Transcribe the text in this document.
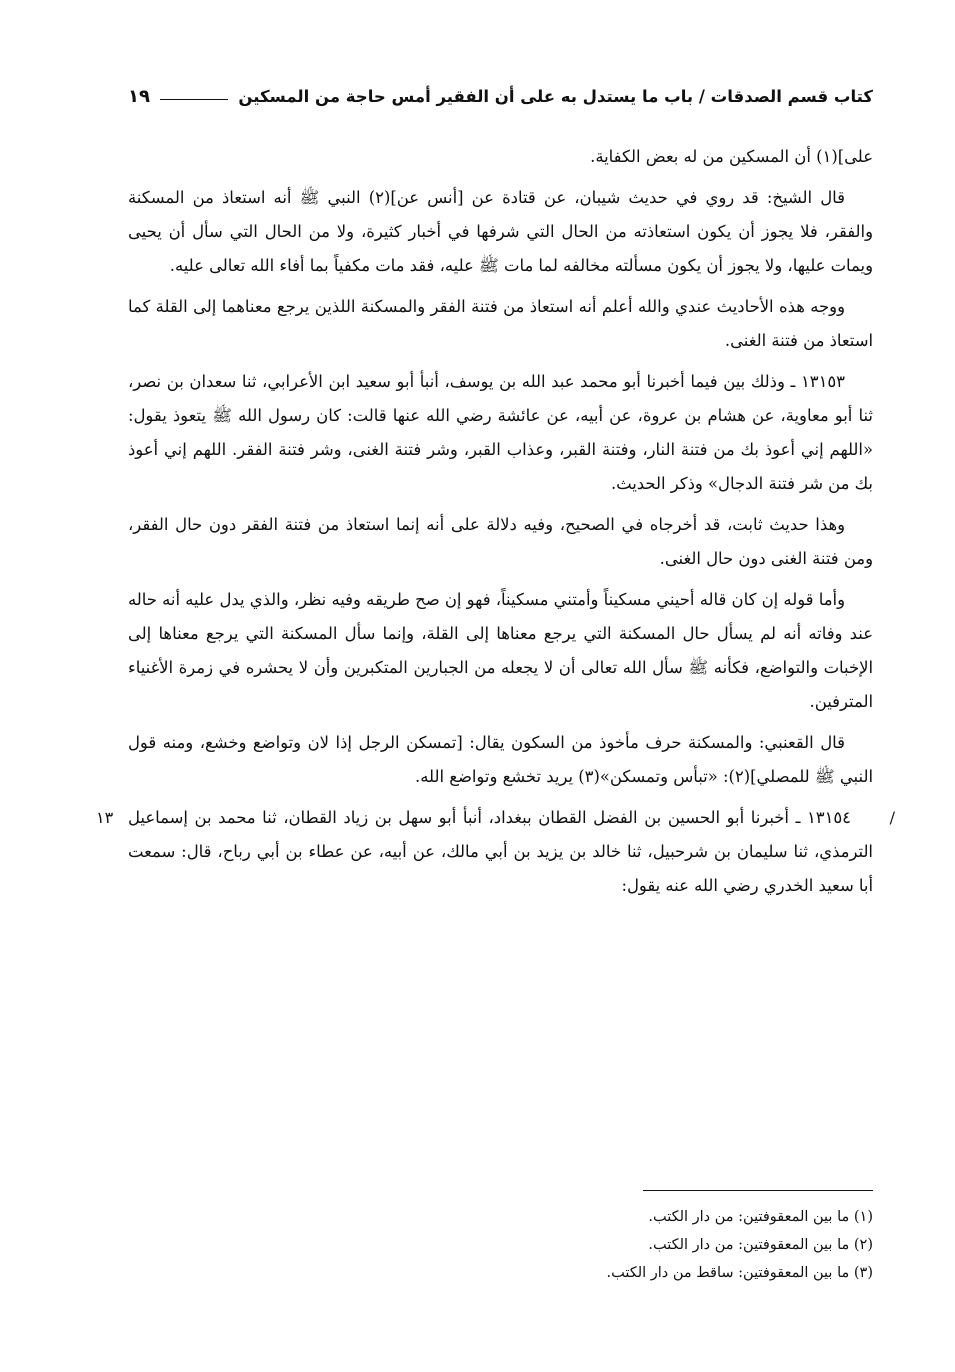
كتاب قسم الصدقات / باب ما يستدل به على أن الفقير أمس حاجة من المسكين
١٩

على](١) أن المسكين من له بعض الكفاية.

قال الشيخ: قد روي في حديث شيبان، عن قتادة عن [أنس عن](٢) النبي ﷺ أنه استعاذ من المسكنة والفقر، فلا يجوز أن يكون استعاذته من الحال التي شرفها في أخبار كثيرة، ولا من الحال التي سأل أن يحيى ويمات عليها، ولا يجوز أن يكون مسألته مخالفه لما مات ﷺ عليه، فقد مات مكفياً بما أفاء الله تعالى عليه.

ووجه هذه الأحاديث عندي والله أعلم أنه استعاذ من فتنة الفقر والمسكنة اللذين يرجع معناهما إلى القلة كما استعاذ من فتنة الغنى.

١٣١٥٣ ـ وذلك بين فيما أخبرنا أبو محمد عبد الله بن يوسف، أنبأ أبو سعيد ابن الأعرابي، ثنا سعدان بن نصر، ثنا أبو معاوية، عن هشام بن عروة، عن أبيه، عن عائشة رضي الله عنها قالت: كان رسول الله ﷺ يتعوذ يقول: «اللهم إني أعوذ بك من فتنة النار، وفتنة القبر، وعذاب القبر، وشر فتنة الغنى، وشر فتنة الفقر. اللهم إني أعوذ بك من شر فتنة الدجال» وذكر الحديث.

وهذا حديث ثابت، قد أخرجاه في الصحيح، وفيه دلالة على أنه إنما استعاذ من فتنة الفقر دون حال الفقر، ومن فتنة الغنى دون حال الغنى.

وأما قوله إن كان قاله أحيني مسكيناً وأمتني مسكيناً، فهو إن صح طريقه وفيه نظر، والذي يدل عليه أنه حاله عند وفاته أنه لم يسأل حال المسكنة التي يرجع معناها إلى القلة، وإنما سأل المسكنة التي يرجع معناها إلى الإخبات والتواضع، فكأنه ﷺ سأل الله تعالى أن لا يجعله من الجبارين المتكبرين وأن لا يحشره في زمرة الأغنياء المترفين.

قال القعنبي: والمسكنة حرف مأخوذ من السكون يقال: [تمسكن الرجل إذا لان وتواضع وخشع، ومنه قول النبي ﷺ للمصلي](٢): «تبأس وتمسكن»(٣) يريد تخشع وتواضع الله.

/
١٣ ١٣١٥٤ ـ أخبرنا أبو الحسين بن الفضل القطان ببغداد، أنبأ أبو سهل بن زياد القطان، ثنا محمد بن إسماعيل الترمذي، ثنا سليمان بن شرحبيل، ثنا خالد بن يزيد بن أبي مالك، عن أبيه، عن عطاء بن أبي رباح، قال: سمعت أبا سعيد الخدري رضي الله عنه يقول:

(١) ما بين المعقوفتين: من دار الكتب.

(٢) ما بين المعقوفتين: من دار الكتب.

(٣) ما بين المعقوفتين: ساقط من دار الكتب.
